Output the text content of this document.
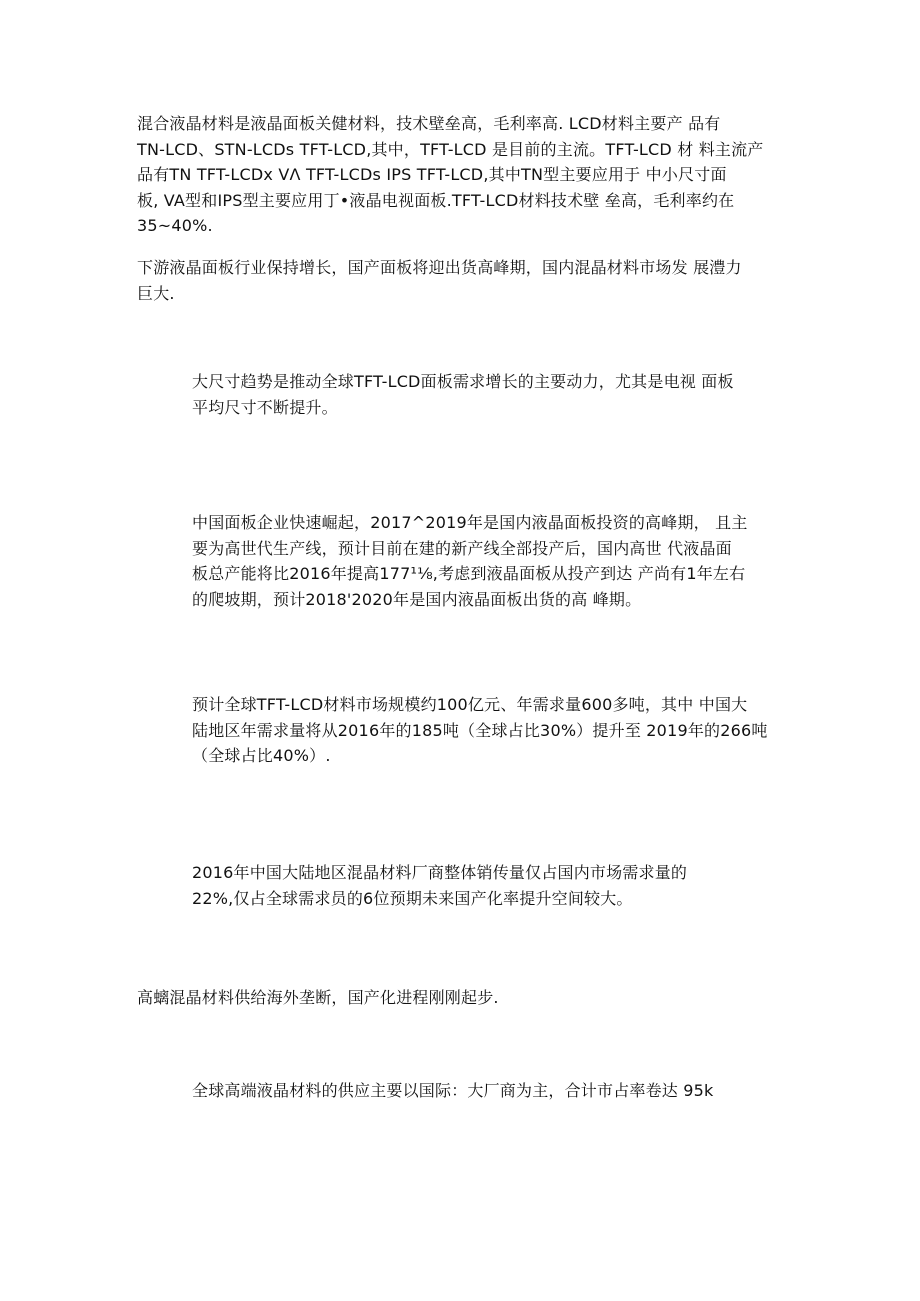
混合液晶材料是液晶面板关健材料，技术壁垒高，毛利率高. LCD材料主要产 品有
TN-LCD、STN-LCDs TFT-LCD,其中，TFT-LCD 是目前的主流。TFT-LCD 材 料主流产
品有TN TFT-LCDx VΛ TFT-LCDs IPS TFT-LCD,其中TN型主要应用于 中小尺寸面
板, VA型和IPS型主要应用丁•液晶电视面板.TFT-LCD材料技术壁 垒高，毛利率约在
35~40%.

下游液晶面板行业保持增长，国产面板将迎出货高峰期，国内混晶材料市场发 展澧力
巨大.

大尺寸趋势是推动全球TFT-LCD面板需求增长的主要动力，尤其是电视 面板
平均尺寸不断提升。

中国面板企业快速崛起，2017^2019年是国内液晶面板投资的高峰期， 且主
要为高世代生产线，预计目前在建的新产线全部投产后，国内高世 代液晶面
板总产能将比2016年提高177¹⅛,考虑到液晶面板从投产到达 产尚有1年左右
的爬坡期，预计2018'2020年是国内液晶面板出货的高 峰期。

预计全球TFT-LCD材料市场规模约100亿元、年需求量600多吨，其中 中国大
陆地区年需求量将从2016年的185吨（全球占比30%）提升至 2019年的266吨
（全球占比40%）.

2016年中国大陆地区混晶材料厂商整体销传量仅占国内市场需求量的
22%,仅占全球需求员的6位预期未来国产化率提升空间较大。

高螭混晶材料供给海外垄断，国产化进程刚刚起步.

全球高端液晶材料的供应主要以国际：大厂商为主，合计市占率卷达 95k
